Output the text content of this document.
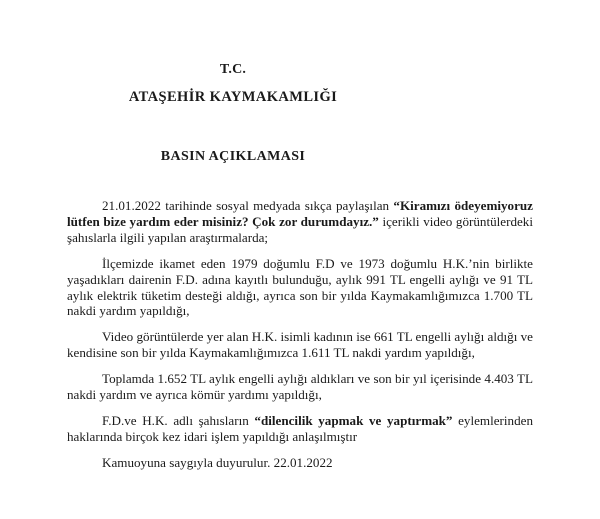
T.C.
ATAŞEHİR KAYMAKAMLIĞI
BASIN AÇIKLAMASI

21.01.2022 tarihinde sosyal medyada sıkça paylaşılan “Kiramızı ödeyemiyoruz lütfen bize yardım eder misiniz? Çok zor durumdayız.” içerikli video görüntülerdeki şahıslarla ilgili yapılan araştırmalarda;

İlçemizde ikamet eden 1979 doğumlu F.D ve 1973 doğumlu H.K.’nin birlikte yaşadıkları dairenin F.D. adına kayıtlı bulunduğu, aylık 991 TL engelli aylığı ve 91 TL aylık elektrik tüketim desteği aldığı, ayrıca son bir yılda Kaymakamlığımızca 1.700 TL nakdi yardım yapıldığı,

Video görüntülerde yer alan H.K. isimli kadının ise 661 TL engelli aylığı aldığı ve kendisine son bir yılda Kaymakamlığımızca 1.611 TL nakdi yardım yapıldığı,

Toplamda 1.652 TL aylık engelli aylığı aldıkları ve son bir yıl içerisinde 4.403 TL nakdi yardım ve ayrıca kömür yardımı yapıldığı,

F.D.ve H.K. adlı şahısların “dilencilik yapmak ve yaptırmak” eylemlerinden haklarında birçok kez idari işlem yapıldığı anlaşılmıştır

Kamuoyuna saygıyla duyurulur. 22.01.2022
